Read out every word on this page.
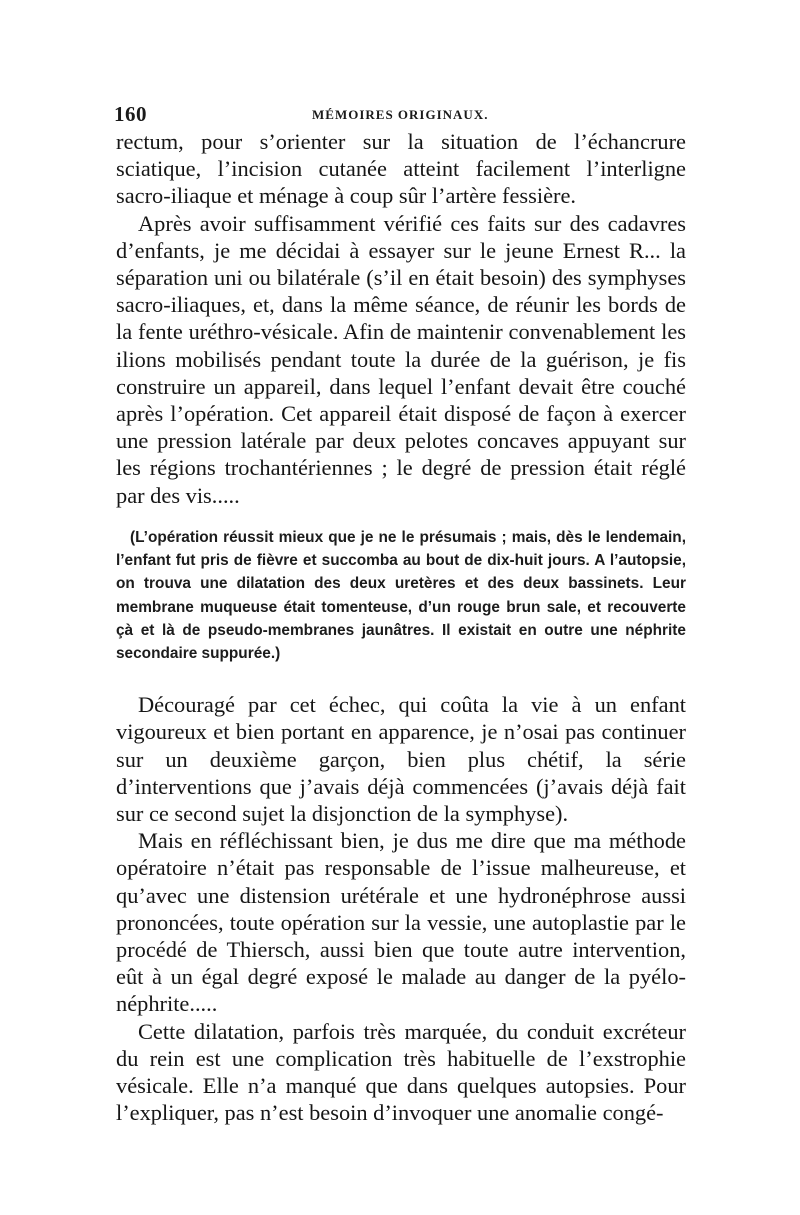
160	MÉMOIRES ORIGINAUX.

rectum, pour s’orienter sur la situation de l’échancrure sciatique, l’incision cutanée atteint facilement l’interligne sacro-iliaque et ménage à coup sûr l’artère fessière.

Après avoir suffisamment vérifié ces faits sur des cadavres d’enfants, je me décidai à essayer sur le jeune Ernest R... la séparation uni ou bilatérale (s’il en était besoin) des symphyses sacro-iliaques, et, dans la même séance, de réunir les bords de la fente uréthro-vésicale. Afin de maintenir convenablement les ilions mobilisés pendant toute la durée de la guérison, je fis construire un appareil, dans lequel l’enfant devait être couché après l’opération. Cet appareil était disposé de façon à exercer une pression latérale par deux pelotes concaves appuyant sur les régions trochantériennes ; le degré de pression était réglé par des vis.....

(L’opération réussit mieux que je ne le présumais ; mais, dès le lendemain, l’enfant fut pris de fièvre et succomba au bout de dix-huit jours. A l’autopsie, on trouva une dilatation des deux uretères et des deux bassinets. Leur membrane muqueuse était tomenteuse, d’un rouge brun sale, et recouverte çà et là de pseudo-membranes jaunâtres. Il existait en outre une néphrite secondaire suppurée.)

Découragé par cet échec, qui coûta la vie à un enfant vigoureux et bien portant en apparence, je n’osai pas continuer sur un deuxième garçon, bien plus chétif, la série d’interventions que j’avais déjà commencées (j’avais déjà fait sur ce second sujet la disjonction de la symphyse).

Mais en réfléchissant bien, je dus me dire que ma méthode opératoire n’était pas responsable de l’issue malheureuse, et qu’avec une distension urétérale et une hydronéphrose aussi prononcées, toute opération sur la vessie, une autoplastie par le procédé de Thiersch, aussi bien que toute autre intervention, eût à un égal degré exposé le malade au danger de la pyélo-néphrite.....

Cette dilatation, parfois très marquée, du conduit excréteur du rein est une complication très habituelle de l’exstrophie vésicale. Elle n’a manqué que dans quelques autopsies. Pour l’expliquer, pas n’est besoin d’invoquer une anomalie congé-
